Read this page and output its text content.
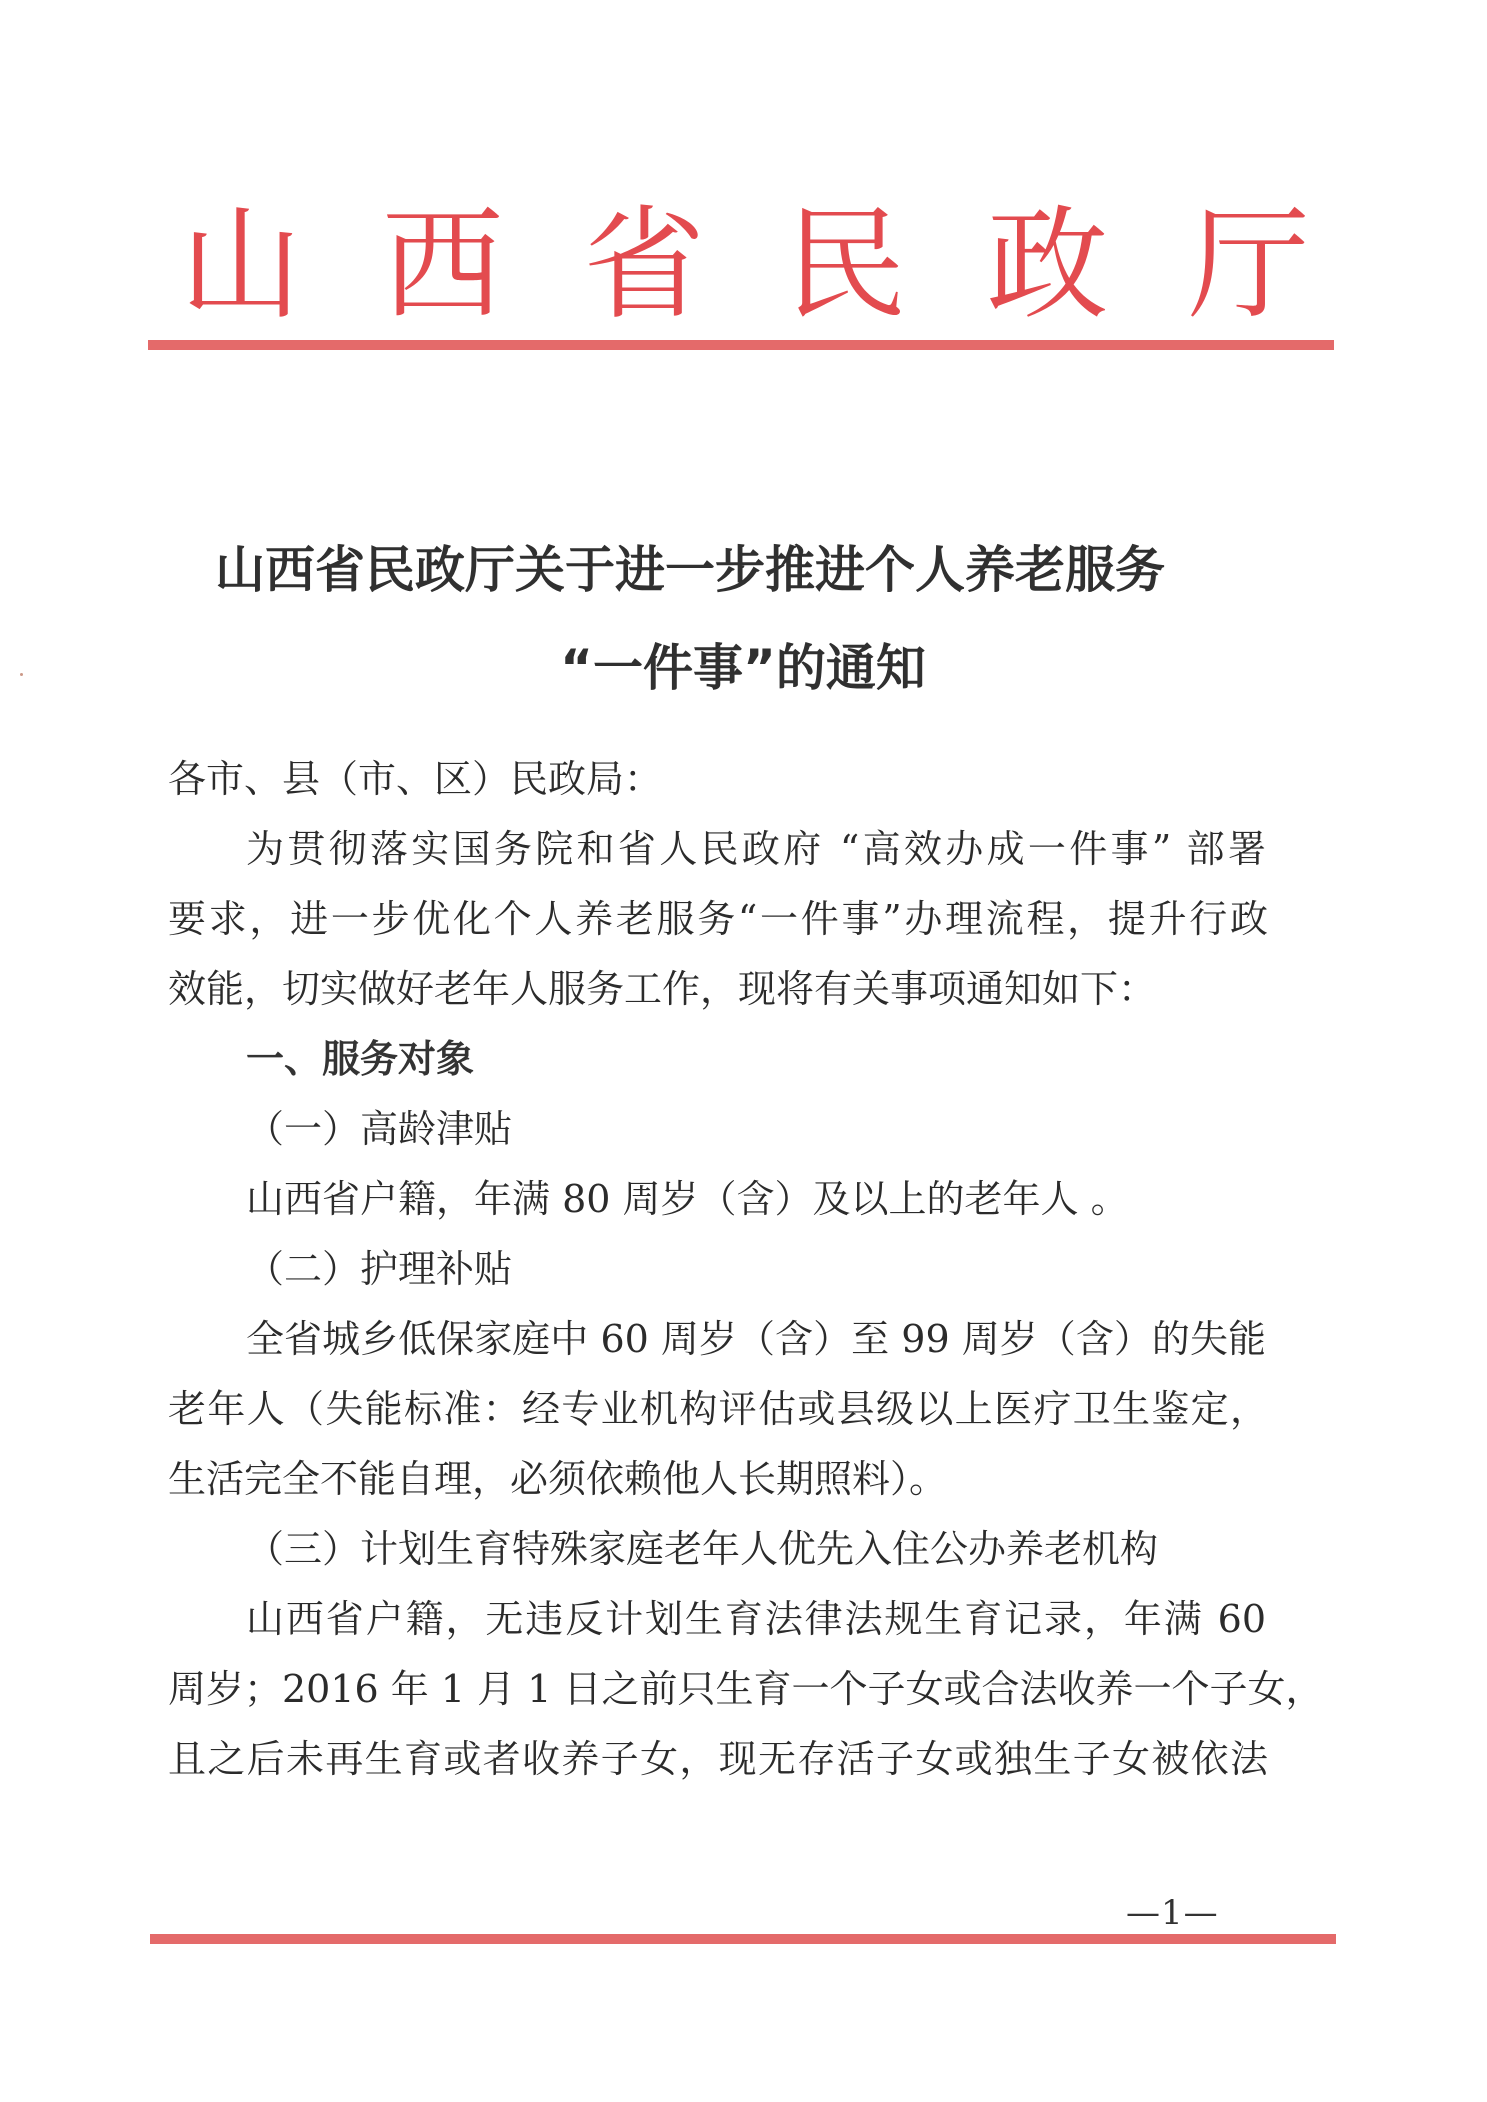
山 西 省 民 政 厅
山西省民政厅关于进一步推进个人养老服务
“一件事”的通知
各市、县（市、区）民政局：
为贯彻落实国务院和省人民政府 “高效办成一件事” 部署
要求，进一步优化个人养老服务“一件事”办理流程，提升行政
效能，切实做好老年人服务工作，现将有关事项通知如下：
一、服务对象
（一）高龄津贴
山西省户籍，年满 80 周岁（含）及以上的老年人 。
（二）护理补贴
全省城乡低保家庭中 60 周岁（含）至 99 周岁（含）的失能
老年人（失能标准：经专业机构评估或县级以上医疗卫生鉴定，
生活完全不能自理，必须依赖他人长期照料）。
（三）计划生育特殊家庭老年人优先入住公办养老机构
山西省户籍，无违反计划生育法律法规生育记录，年满 60
周岁；2016 年 1 月 1 日之前只生育一个子女或合法收养一个子女，
且之后未再生育或者收养子女，现无存活子女或独生子女被依法
—1—
